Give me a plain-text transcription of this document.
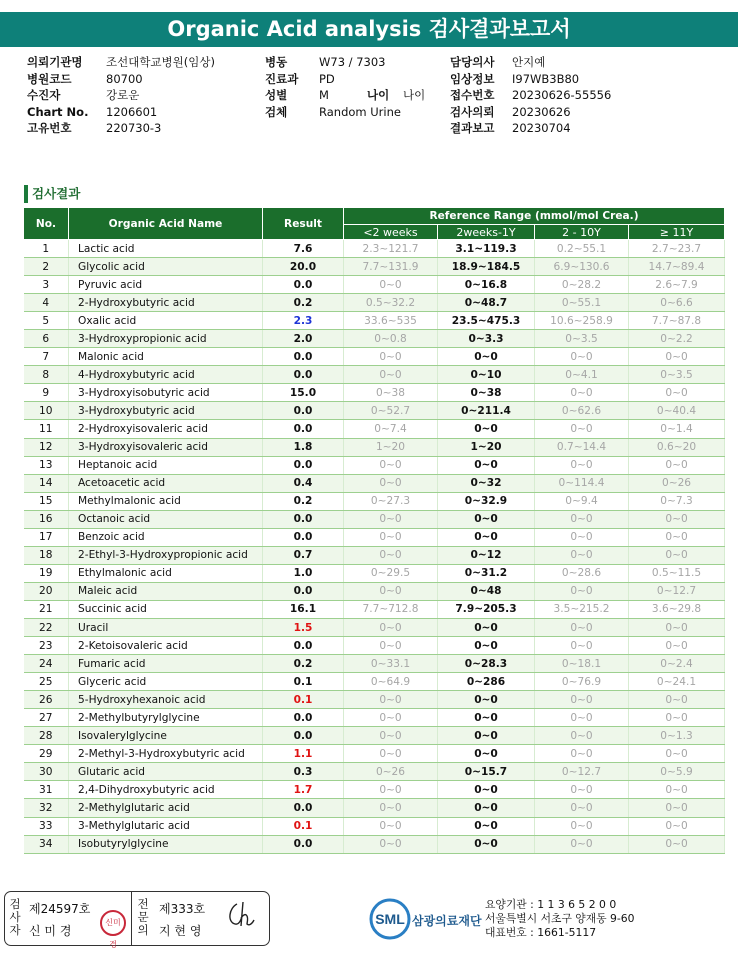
Organic Acid analysis 검사결과보고서
의뢰기관명 조선대학교병원(임상)
병원코드	80700
수진자	강로운
Chart No. 1206601
고유번호	220730-3
병동	W73 / 7303
진료과 PD
성별	M	나이 나이
검체	Random Urine
담당의사 안지예
임상정보 I97WB3B80
접수번호 20230626-55556
검사의뢰 20230626
결과보고 20230704
검사결과
No.	Organic Acid Name	Result	Reference Range (mmol/mol Crea.)			
			<2 weeks	2weeks-1Y	2 - 10Y	≥ 11Y
1	Lactic acid	7.6	2.3~121.7	3.1~119.3	0.2~55.1	2.7~23.7
2	Glycolic acid	20.0	7.7~131.9	18.9~184.5	6.9~130.6	14.7~89.4
3	Pyruvic acid	0.0	0~0	0~16.8	0~28.2	2.6~7.9
4	2-Hydroxybutyric acid	0.2	0.5~32.2	0~48.7	0~55.1	0~6.6
5	Oxalic acid	2.3	33.6~535	23.5~475.3	10.6~258.9	7.7~87.8
6	3-Hydroxypropionic acid	2.0	0~0.8	0~3.3	0~3.5	0~2.2
7	Malonic acid	0.0	0~0	0~0	0~0	0~0
8	4-Hydroxybutyric acid	0.0	0~0	0~10	0~4.1	0~3.5
9	3-Hydroxyisobutyric acid	15.0	0~38	0~38	0~0	0~0
10	3-Hydroxybutyric acid	0.0	0~52.7	0~211.4	0~62.6	0~40.4
11	2-Hydroxyisovaleric acid	0.0	0~7.4	0~0	0~0	0~1.4
12	3-Hydroxyisovaleric acid	1.8	1~20	1~20	0.7~14.4	0.6~20
13	Heptanoic acid	0.0	0~0	0~0	0~0	0~0
14	Acetoacetic acid	0.4	0~0	0~32	0~114.4	0~26
15	Methylmalonic acid	0.2	0~27.3	0~32.9	0~9.4	0~7.3
16	Octanoic acid	0.0	0~0	0~0	0~0	0~0
17	Benzoic acid	0.0	0~0	0~0	0~0	0~0
18	2-Ethyl-3-Hydroxypropionic acid	0.7	0~0	0~12	0~0	0~0
19	Ethylmalonic acid	1.0	0~29.5	0~31.2	0~28.6	0.5~11.5
20	Maleic acid	0.0	0~0	0~48	0~0	0~12.7
21	Succinic acid	16.1	7.7~712.8	7.9~205.3	3.5~215.2	3.6~29.8
22	Uracil	1.5	0~0	0~0	0~0	0~0
23	2-Ketoisovaleric acid	0.0	0~0	0~0	0~0	0~0
24	Fumaric acid	0.2	0~33.1	0~28.3	0~18.1	0~2.4
25	Glyceric acid	0.1	0~64.9	0~286	0~76.9	0~24.1
26	5-Hydroxyhexanoic acid	0.1	0~0	0~0	0~0	0~0
27	2-Methylbutyrylglycine	0.0	0~0	0~0	0~0	0~0
28	Isovalerylglycine	0.0	0~0	0~0	0~0	0~1.3
29	2-Methyl-3-Hydroxybutyric acid	1.1	0~0	0~0	0~0	0~0
30	Glutaric acid	0.3	0~26	0~15.7	0~12.7	0~5.9
31	2,4-Dihydroxybutyric acid	1.7	0~0	0~0	0~0	0~0
32	2-Methylglutaric acid	0.0	0~0	0~0	0~0	0~0
33	3-Methylglutaric acid	0.1	0~0	0~0	0~0	0~0
34	Isobutyrylglycine	0.0	0~0	0~0	0~0	0~0
검사자
제24597호
신 미 경
신미경
전문의
제333호
지 현 영
SML 삼광의료재단
요양기관 : 1 1 3 6 5 2 0 0
서울특별시 서초구 양재동 9-60
대표번호 : 1661-5117
